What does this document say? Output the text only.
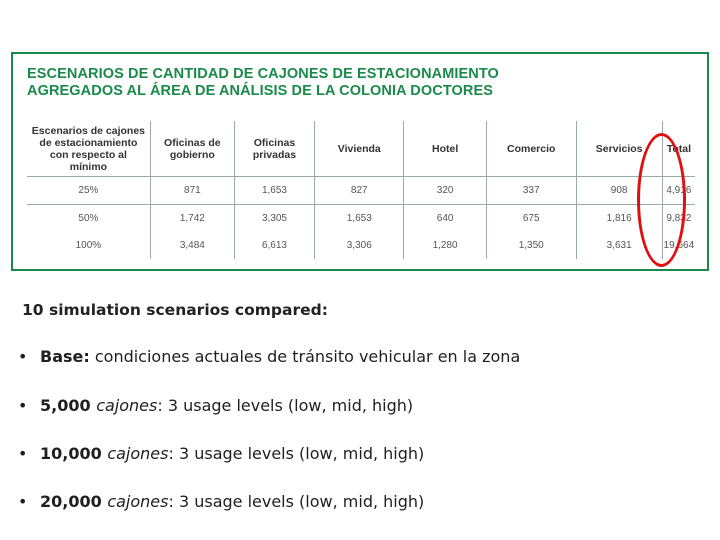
ESCENARIOS DE CANTIDAD DE CAJONES DE ESTACIONAMIENTO
AGREGADOS AL ÁREA DE ANÁLISIS DE LA COLONIA DOCTORES
Escenarios de cajones de estacionamiento con respecto al mínimo	Oficinas de gobierno	Oficinas privadas	Vivienda	Hotel	Comercio	Servicios	Total
25%	871	1,653	827	320	337	908	4,916
50%	1,742	3,305	1,653	640	675	1,816	9,832
100%	3,484	6,613	3,306	1,280	1,350	3,631	19,664

10 simulation scenarios compared:

• Base: condiciones actuales de tránsito vehicular en la zona
• 5,000 cajones: 3 usage levels (low, mid, high)
• 10,000 cajones: 3 usage levels (low, mid, high)
• 20,000 cajones: 3 usage levels (low, mid, high)
